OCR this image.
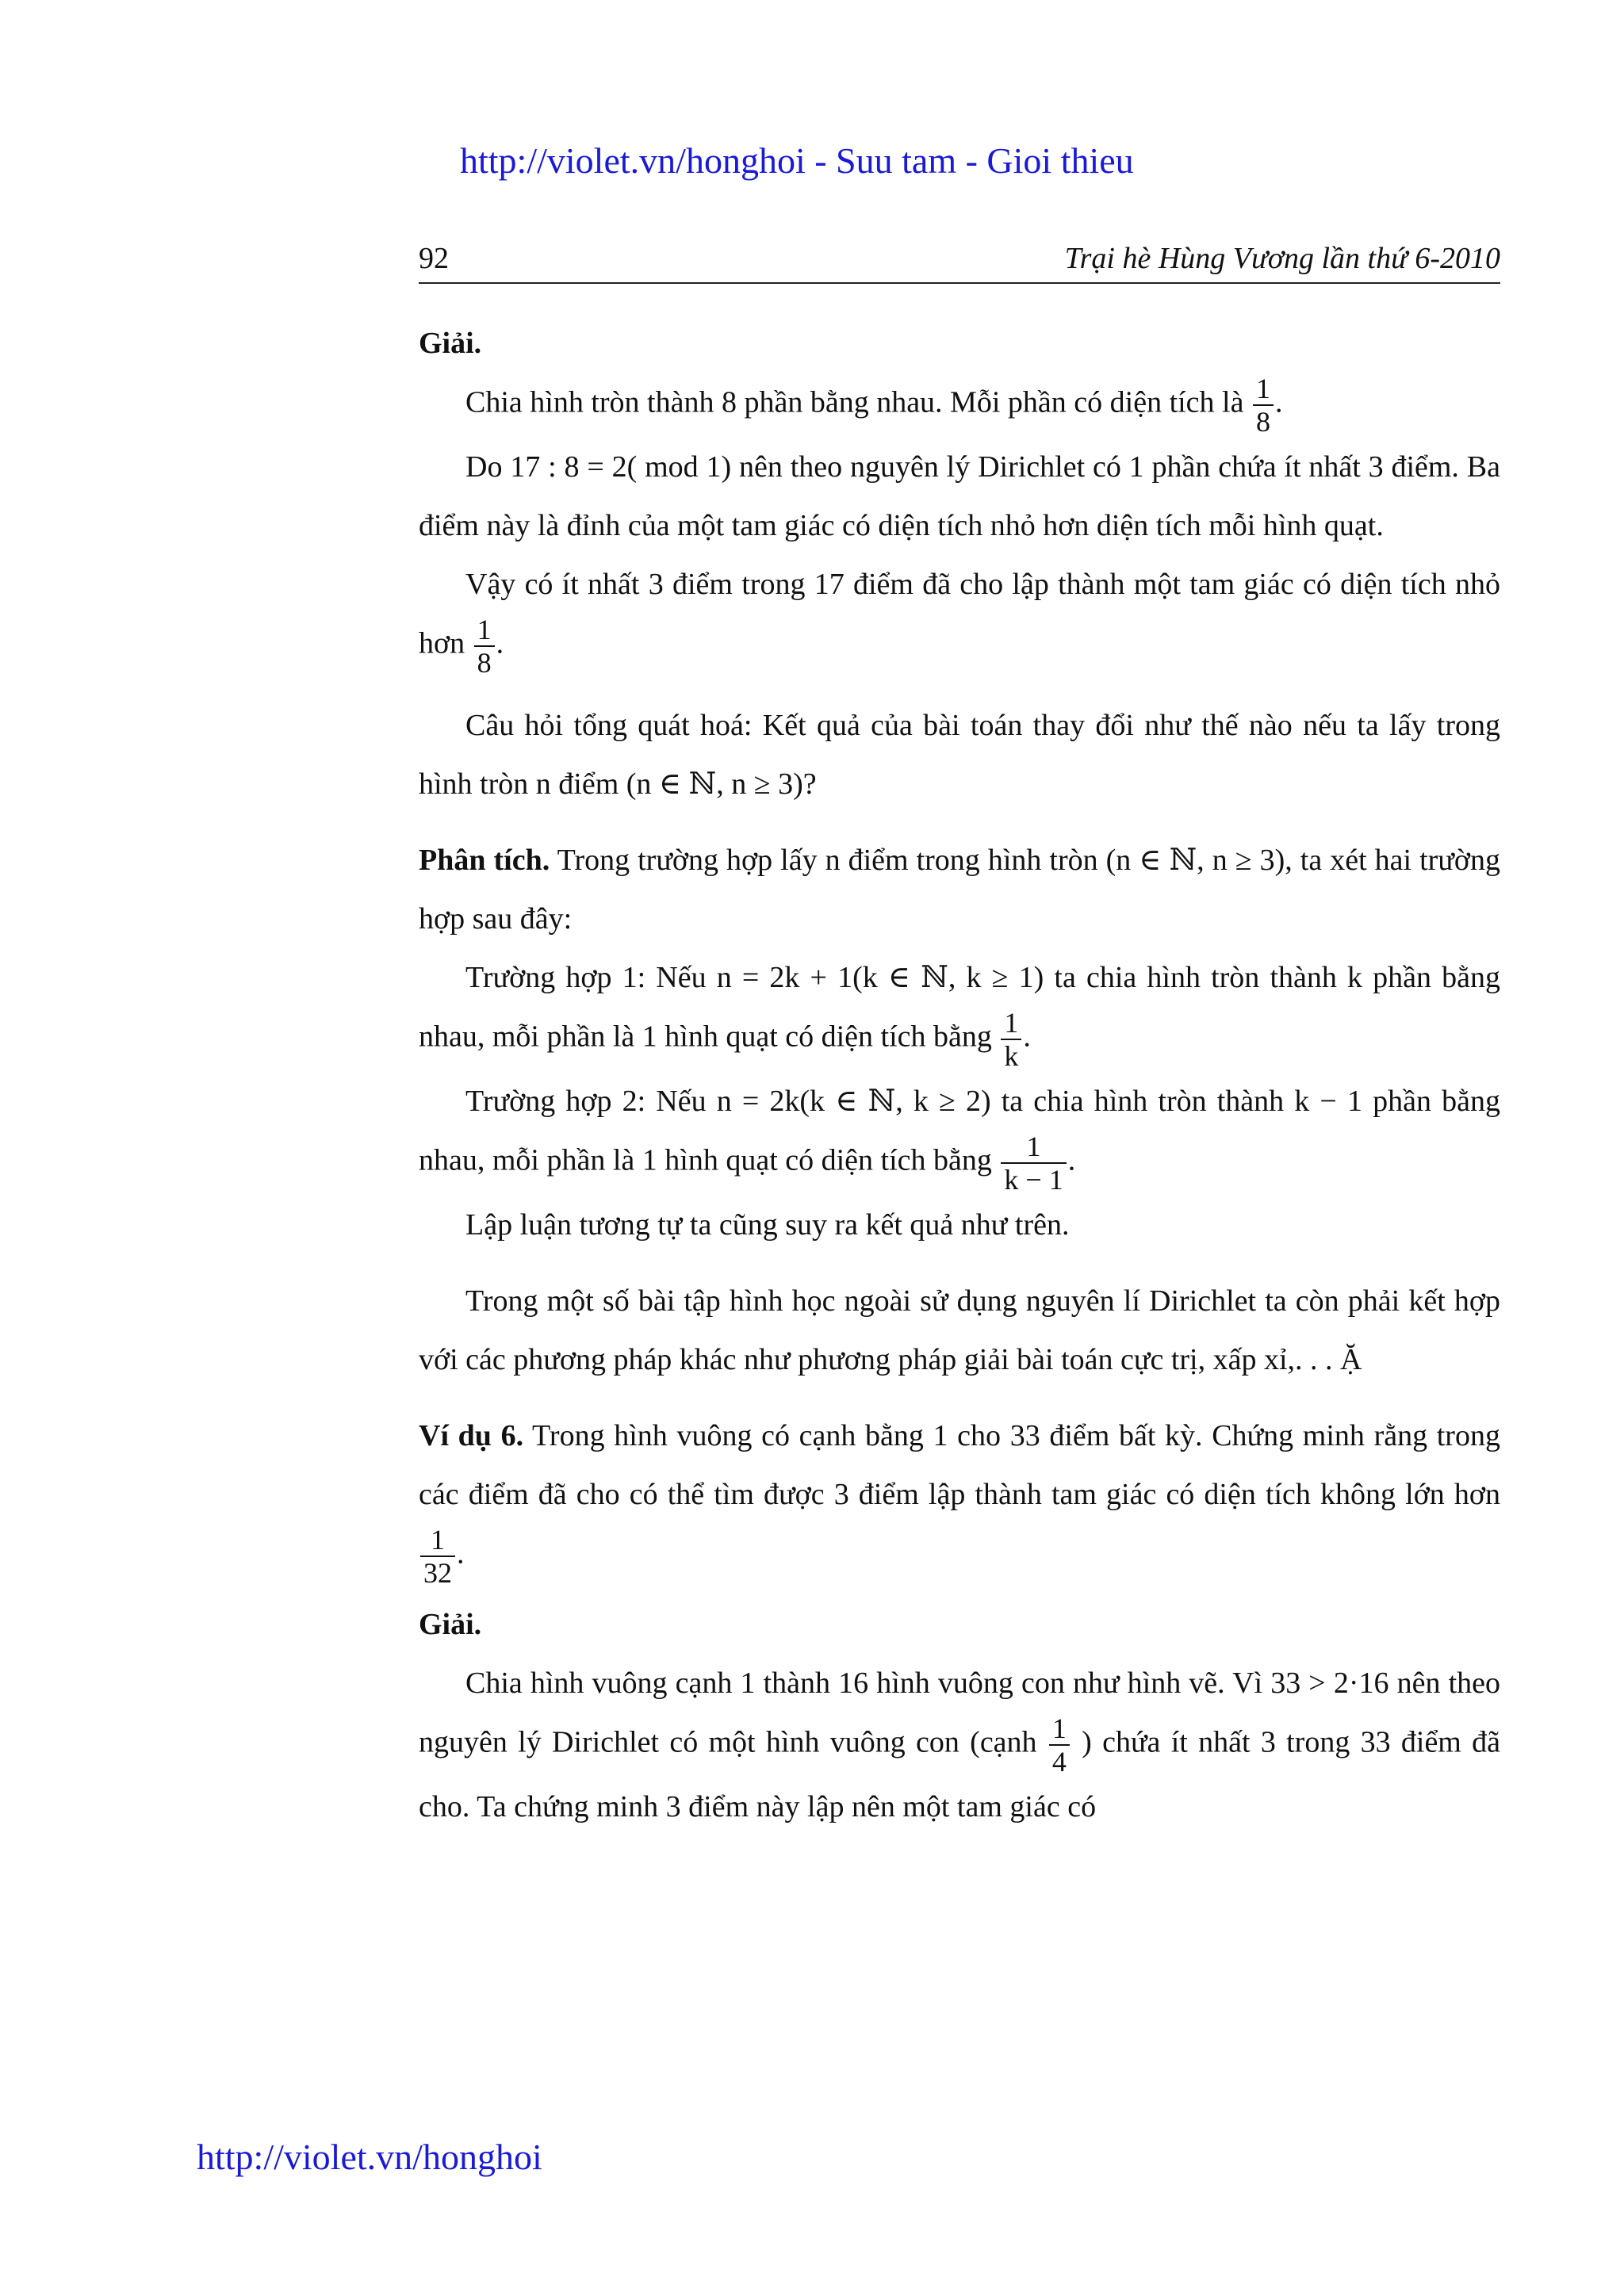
http://violet.vn/honghoi - Suu tam - Gioi thieu
92	Trại hè Hùng Vương lần thứ 6-2010

Giải.

Chia hình tròn thành 8 phần bằng nhau. Mỗi phần có diện tích là $\frac{1}{8}$ .

Do 17 : 8 = 2( mod 1) nên theo nguyên lý Dirichlet có 1 phần chứa ít nhất 3 điểm. Ba điểm này là đỉnh của một tam giác có diện tích nhỏ hơn diện tích mỗi hình quạt.

Vậy có ít nhất 3 điểm trong 17 điểm đã cho lập thành một tam giác có diện tích nhỏ hơn $\frac{1}{8}$ .

Câu hỏi tổng quát hoá: Kết quả của bài toán thay đổi như thế nào nếu ta lấy trong hình tròn n điểm (n ∈ ℕ, n ≥ 3)?

Phân tích. Trong trường hợp lấy n điểm trong hình tròn (n ∈ ℕ, n ≥ 3), ta xét hai trường hợp sau đây:

Trường hợp 1: Nếu n = 2k + 1(k ∈ ℕ, k ≥ 1) ta chia hình tròn thành k phần bằng nhau, mỗi phần là 1 hình quạt có diện tích bằng $\frac{1}{k}$ .

Trường hợp 2: Nếu n = 2k(k ∈ ℕ, k ≥ 2) ta chia hình tròn thành k − 1 phần bằng nhau, mỗi phần là 1 hình quạt có diện tích bằng $\frac{1}{k - 1}$ .

Lập luận tương tự ta cũng suy ra kết quả như trên.

Trong một số bài tập hình học ngoài sử dụng nguyên lí Dirichlet ta còn phải kết hợp với các phương pháp khác như phương pháp giải bài toán cực trị, xấp xỉ,. . . Ặ

Ví dụ 6. Trong hình vuông có cạnh bằng 1 cho 33 điểm bất kỳ. Chứng minh rằng trong các điểm đã cho có thể tìm được 3 điểm lập thành tam giác có diện tích không lớn hơn
$\frac{1}{32}$ .

Giải.

Chia hình vuông cạnh 1 thành 16 hình vuông con như hình vẽ. Vì 33 > 2·16 nên theo nguyên lý Dirichlet có một hình vuông con (cạnh $\frac{1}{4}$ ) chứa ít nhất 3 trong 33 điểm đã cho. Ta chứng minh 3 điểm này lập nên một tam giác có

http://violet.vn/honghoi
